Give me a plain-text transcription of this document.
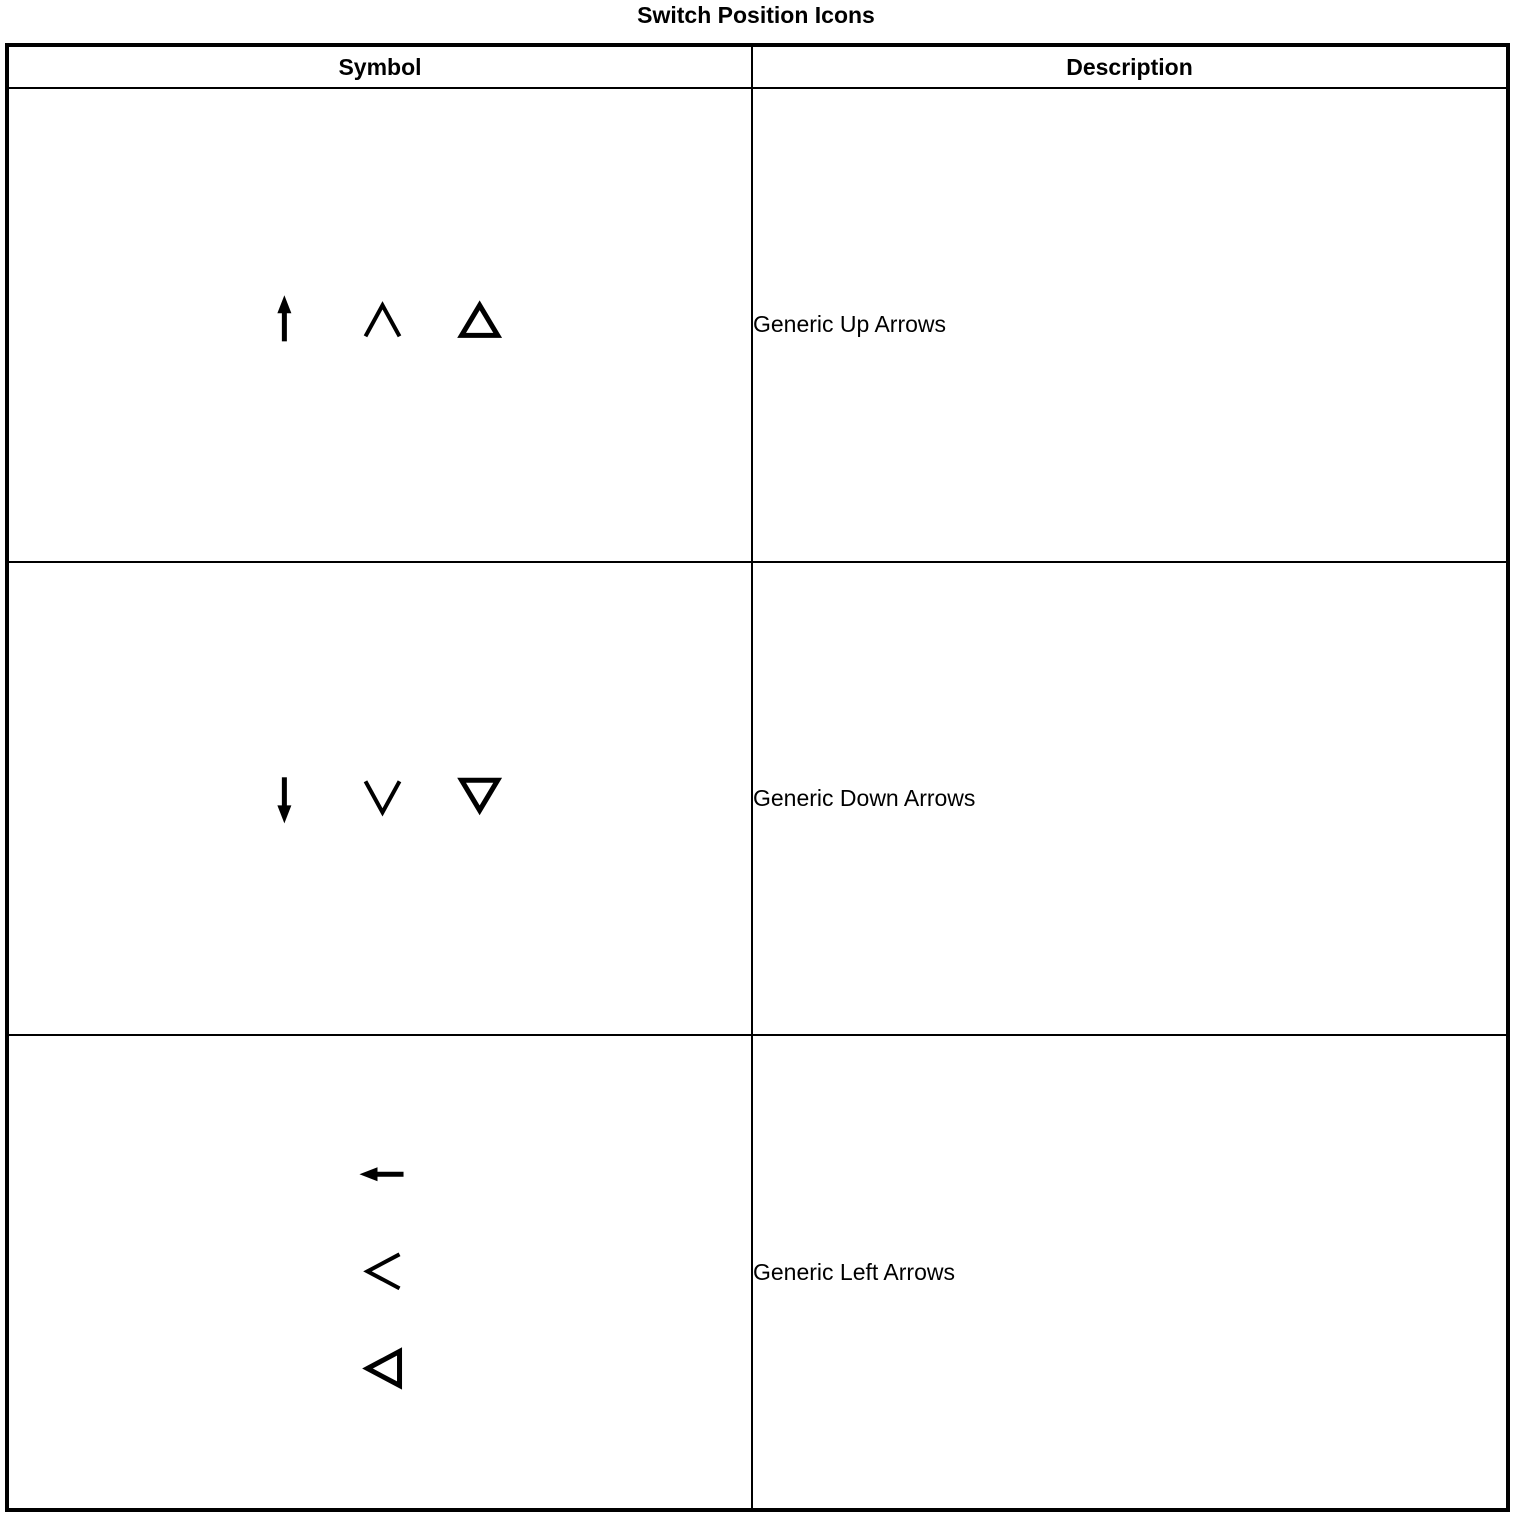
Switch Position Icons
Symbol	Description

	Generic Up Arrows

	Generic Down Arrows

	Generic Left Arrows
